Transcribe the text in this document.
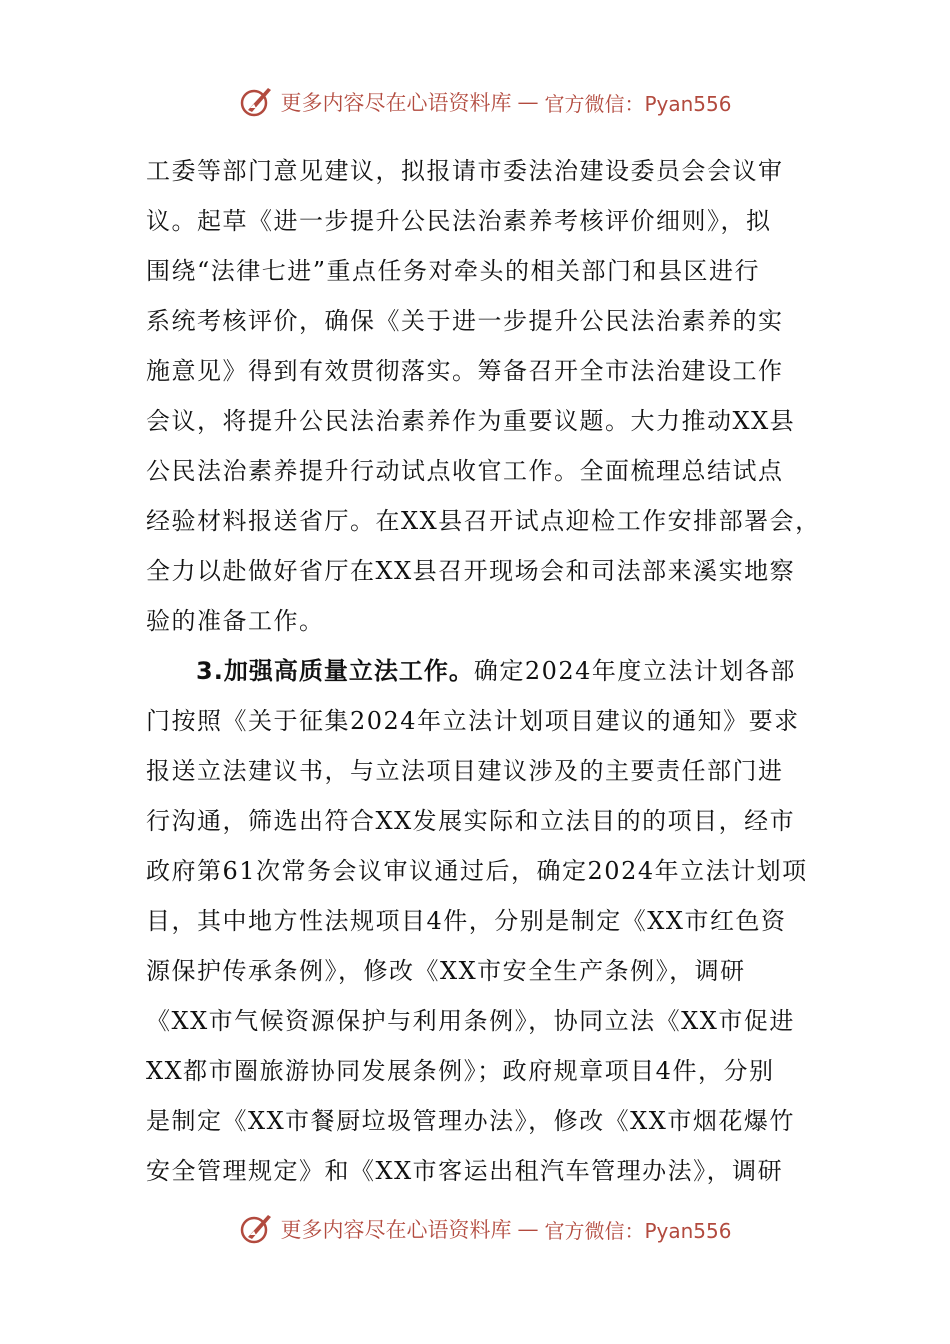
更多内容尽在心语资料库 — 官方微信：Pyan556
工委等部门意见建议，拟报请市委法治建设委员会会议审
议。起草《进一步提升公民法治素养考核评价细则》，拟
围绕“法律七进”重点任务对牵头的相关部门和县区进行
系统考核评价，确保《关于进一步提升公民法治素养的实
施意见》得到有效贯彻落实。筹备召开全市法治建设工作
会议，将提升公民法治素养作为重要议题。大力推动XX县
公民法治素养提升行动试点收官工作。全面梳理总结试点
经验材料报送省厅。在XX县召开试点迎检工作安排部署会，
全力以赴做好省厅在XX县召开现场会和司法部来溪实地察
验的准备工作。
3.加强高质量立法工作。确定2024年度立法计划各部
门按照《关于征集2024年立法计划项目建议的通知》要求
报送立法建议书，与立法项目建议涉及的主要责任部门进
行沟通，筛选出符合XX发展实际和立法目的的项目，经市
政府第61次常务会议审议通过后，确定2024年立法计划项
目，其中地方性法规项目4件，分别是制定《XX市红色资
源保护传承条例》，修改《XX市安全生产条例》，调研
《XX市气候资源保护与利用条例》，协同立法《XX市促进
XX都市圈旅游协同发展条例》；政府规章项目4件，分别
是制定《XX市餐厨垃圾管理办法》，修改《XX市烟花爆竹
安全管理规定》和《XX市客运出租汽车管理办法》，调研
更多内容尽在心语资料库 — 官方微信：Pyan556
